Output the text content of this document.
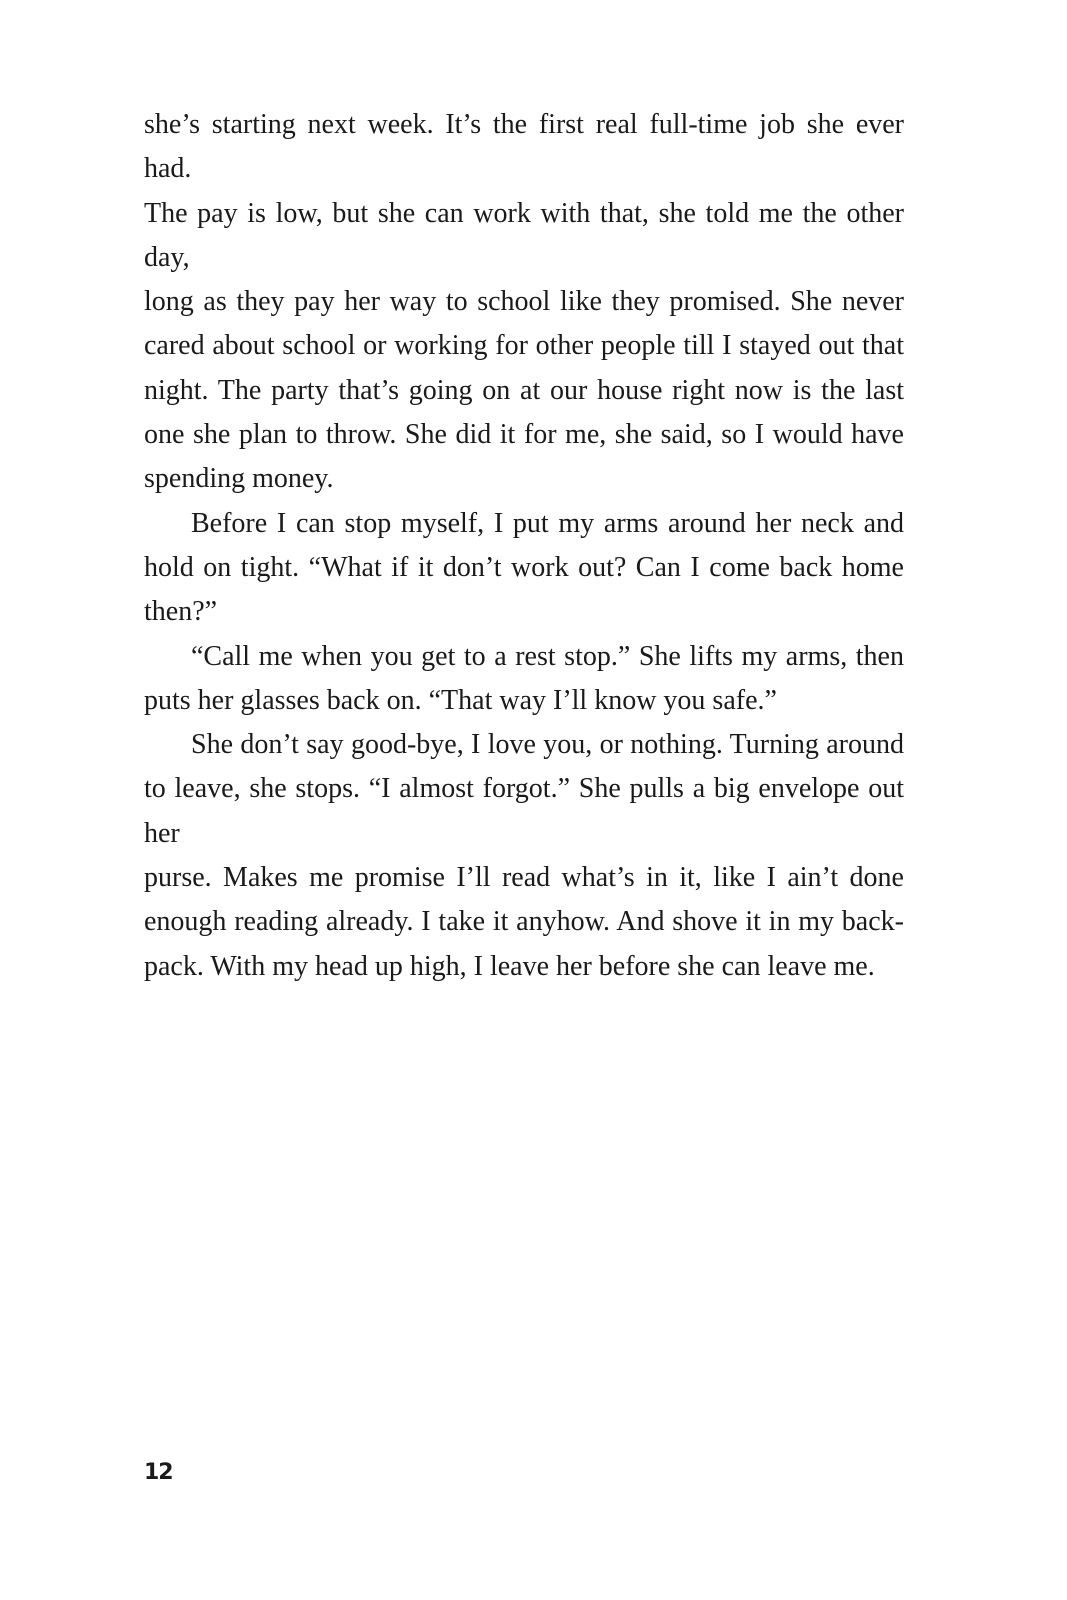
she’s starting next week. It’s the first real full-time job she ever had.

The pay is low, but she can work with that, she told me the other day,

long as they pay her way to school like they promised. She never

cared about school or working for other people till I stayed out that

night. The party that’s going on at our house right now is the last

one she plan to throw. She did it for me, she said, so I would have

spending money.

Before I can stop myself, I put my arms around her neck and

hold on tight. “What if it don’t work out? Can I come back home

then?”

“Call me when you get to a rest stop.” She lifts my arms, then

puts her glasses back on. “That way I’ll know you safe.”

She don’t say good-bye, I love you, or nothing. Turning around

to leave, she stops. “I almost forgot.” She pulls a big envelope out her

purse. Makes me promise I’ll read what’s in it, like I ain’t done

enough reading already. I take it anyhow. And shove it in my back-

pack. With my head up high, I leave her before she can leave me.

12
